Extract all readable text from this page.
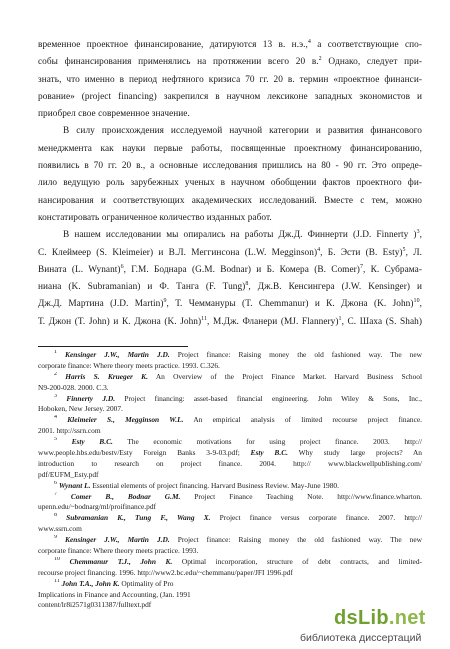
временное проектное финансирование, датируются 13 в. н.э.,$^4$ а соответствующие спо-
собы финансирования применялись на протяжении всего 20 в.$^2$ Однако, следует при-
знать, что именно в период нефтяного кризиса 70 гг. 20 в. термин «проектное финанси-
рование» (project financing) закрепился в научном лексиконе западных экономистов и
приобрел свое современное значение.
В силу происхождения исследуемой научной категории и развития финансового
менеджмента как науки первые работы, посвященные проектному финансированию,
появились в 70 гг. 20 в., а основные исследования пришлись на 80 - 90 гг. Это опреде-
лило ведущую роль зарубежных ученых в научном обобщении фактов проектного фи-
нансирования и соответствующих академических исследований. Вместе с тем, можно
констатировать ограниченное количество изданных работ.
В нашем исследовании мы опирались на работы Дж.Д. Финнерти (J.D. Finnerty )$^3$,
С. Клеймеер (S. Kleimeier) и В.Л. Меггинсона (L.W. Megginson)$^4$, Б. Эсти (B. Esty)$^5$, Л.
Вината (L. Wynant)$^6$, Г.М. Боднара (G.M. Bodnar) и Б. Комера (B. Comer)$^7$, К. Субрама-
ниана (K. Subramanian) и Ф. Танга (F. Tung)$^8$, Дж.В. Кенсингера (J.W. Kensinger) и
Дж.Д. Мартина (J.D. Martin)$^9$, Т. Чеммануры (T. Chemmanur) и К. Джона (K. John)$^{10}$,
Т. Джон (T. John) и К. Джона (K. John)$^{11}$, М.Дж. Фланери (MJ. Flannery)$^1$, С. Шаха (S. Shah)
$^1$ Kensinger J.W., Martin J.D. Project finance: Raising money the old fashioned way. The new
corporate finance: Where theory meets practice. 1993. С.326.
$^2$ Harris S. Krueger K. An Overview of the Project Finance Market. Harvard Business School
N9-200-028. 2000. С.3.
$^3$ Finnerty J.D. Project financing: asset-based financial engineering. John Wiley & Sons, Inc.,
Hoboken, New Jersey. 2007.
$^4$ Kleimeier S., Megginson W.L. An empirical analysis of limited recourse project finance.
2001. http://ssrn.com
$^5$ Esty B.C. The economic motivations for using project finance. 2003. http://
www.people.hbs.edu/bestv/Esty Foreign Banks 3-9-03.pdf; Esty B.C. Why study large projects? An
introduction to research on project finance. 2004. http:// www.blackwellpublishing.com/
pdf/EUFM_Esty.pdf
$^6$ Wynant L. Essential elements of project financing. Harvard Business Review. May-June 1980.
$^7$ Comer B., Bodnar G.M. Project Finance Teaching Note. http://www.finance.wharton.
upenn.edu/~bodnarg/ml/proifinance.pdf
$^8$ Subramanian K., Tung F., Wang X. Project finance versus corporate finance. 2007. http://
www.ssrn.com
$^9$ Kensinger J.W., Martin J.D. Project finance: Raising money the old fashioned way. The new
corporate finance: Where theory meets practice. 1993.
$^{10}$ Chemmanur T.J., John K. Optimal incorporation, structure of debt contracts, and limited-
recourse project financing. 1996. http://www2.bc.edu/~chemmanu/paper/JFI 1996.pdf
$^{11}$ John T.A., John K. Optimality of Pro
Implications in Finance and Accounting, (Jan. 1991
content/lr8i2571g0311387/fulltext.pdf
dsLib.net
библиотека диссертаций
